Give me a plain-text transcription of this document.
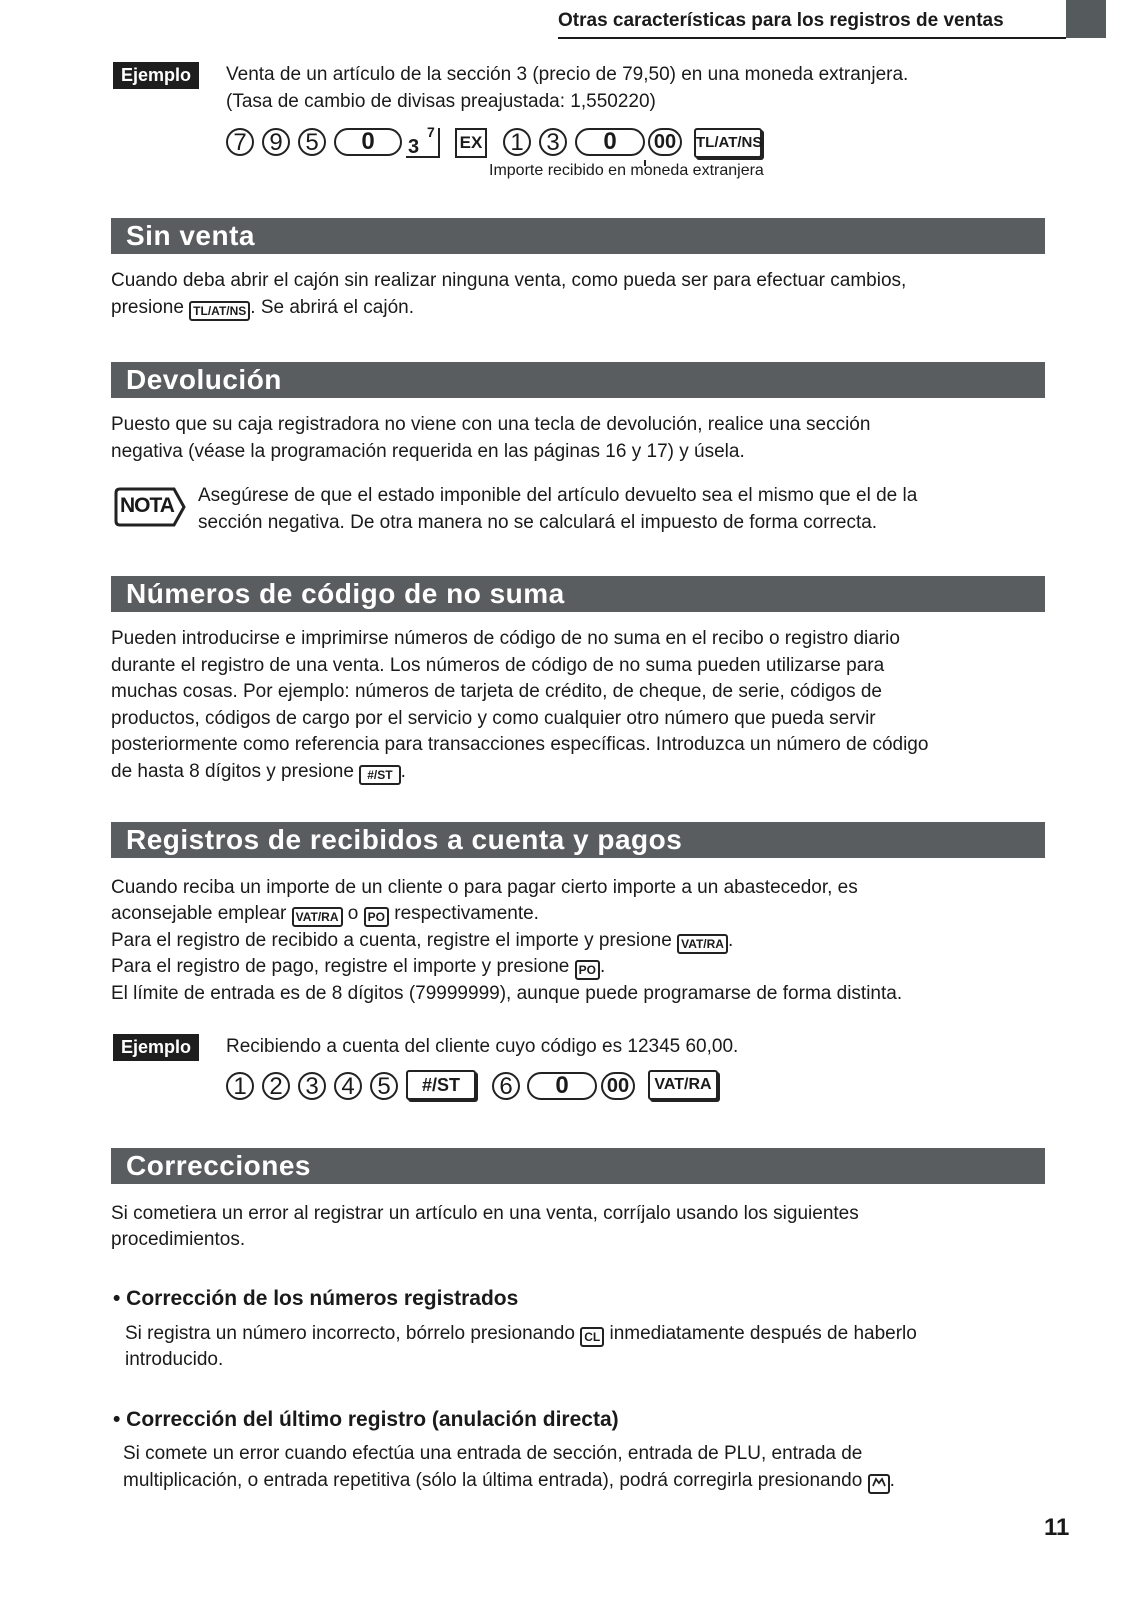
Otras características para los registros de ventas
Ejemplo	Venta de un artículo de la sección 3 (precio de 79,50) en una moneda extranjera.
(Tasa de cambio de divisas preajustada: 1,550220)
7 9 5	0	3
7
EX	1 3	0	00	TL/AT/NS
Importe recibido en moneda extranjera
Sin venta
Cuando deba abrir el cajón sin realizar ninguna venta, como pueda ser para efectuar cambios,
presione TL/AT/NS . Se abrirá el cajón.
Devolución
Puesto que su caja registradora no viene con una tecla de devolución, realice una sección
negativa (véase la programación requerida en las páginas 16 y 17) y úsela.
NOTA Asegúrese de que el estado imponible del artículo devuelto sea el mismo que el de la
sección negativa. De otra manera no se calculará el impuesto de forma correcta.
Números de código de no suma
Pueden introducirse e imprimirse números de código de no suma en el recibo o registro diario
durante el registro de una venta. Los números de código de no suma pueden utilizarse para
muchas cosas. Por ejemplo: números de tarjeta de crédito, de cheque, de serie, códigos de
productos, códigos de cargo por el servicio y como cualquier otro número que pueda servir
posteriormente como referencia para transacciones específicas. Introduzca un número de código
de hasta 8 dígitos y presione #/ST .
Registros de recibidos a cuenta y pagos
Cuando reciba un importe de un cliente o para pagar cierto importe a un abastecedor, es
aconsejable emplear VAT/RA o PO respectivamente.
Para el registro de recibido a cuenta, registre el importe y presione VAT/RA .
Para el registro de pago, registre el importe y presione PO .
El límite de entrada es de 8 dígitos (79999999), aunque puede programarse de forma distinta.
Ejemplo	Recibiendo a cuenta del cliente cuyo código es 12345 60,00.
1 2 3 4 5	#/ST	6	0	00	VAT/RA
Correcciones
Si cometiera un error al registrar un artículo en una venta, corríjalo usando los siguientes
procedimientos.
• Corrección de los números registrados
Si registra un número incorrecto, bórrelo presionando CL inmediatamente después de haberlo
introducido.
• Corrección del último registro (anulación directa)
Si comete un error cuando efectúa una entrada de sección, entrada de PLU, entrada de
multiplicación, o entrada repetitiva (sólo la última entrada), podrá corregirla presionando .
11
